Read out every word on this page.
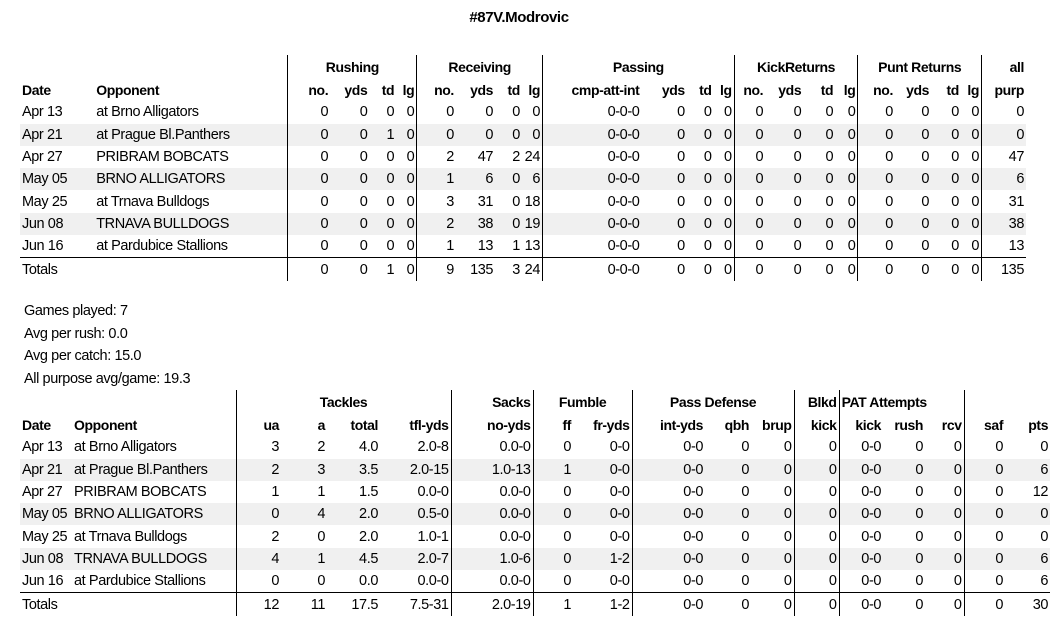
#87V.Modrovic
		Rushing				Receiving				Passing				KickReturns				Punt Returns				all
Date	Opponent	no.	yds	td	lg	no.	yds	td	lg	cmp-att-int	yds	td	lg	no.	yds	td	lg	no.	yds	td	lg	purp
Apr 13	at Brno Alligators	0	0	0	0	0	0	0	0	0-0-0	0	0	0	0	0	0	0	0	0	0	0	0
Apr 21	at Prague Bl.Panthers	0	0	1	0	0	0	0	0	0-0-0	0	0	0	0	0	0	0	0	0	0	0	0
Apr 27	PRIBRAM BOBCATS	0	0	0	0	2	47	2	24	0-0-0	0	0	0	0	0	0	0	0	0	0	0	47
May 05	BRNO ALLIGATORS	0	0	0	0	1	6	0	6	0-0-0	0	0	0	0	0	0	0	0	0	0	0	6
May 25	at Trnava Bulldogs	0	0	0	0	3	31	0	18	0-0-0	0	0	0	0	0	0	0	0	0	0	0	31
Jun 08	TRNAVA BULLDOGS	0	0	0	0	2	38	0	19	0-0-0	0	0	0	0	0	0	0	0	0	0	0	38
Jun 16	at Pardubice Stallions	0	0	0	0	1	13	1	13	0-0-0	0	0	0	0	0	0	0	0	0	0	0	13
Totals		0	0	1	0	9	135	3	24	0-0-0	0	0	0	0	0	0	0	0	0	0	0	135
Games played: 7
Avg per rush: 0.0
Avg per catch: 15.0
All purpose avg/game: 19.3
		Tackles				Sacks	Fumble		Pass Defense			Blkd	PAT Attempts				
Date	Opponent	ua	a	total	tfl-yds	no-yds	ff	fr-yds	int-yds	qbh	brup	kick	kick	rush	rcv	saf	pts
Apr 13	at Brno Alligators	3	2	4.0	2.0-8	0.0-0	0	0-0	0-0	0	0	0	0-0	0	0	0	0
Apr 21	at Prague Bl.Panthers	2	3	3.5	2.0-15	1.0-13	1	0-0	0-0	0	0	0	0-0	0	0	0	6
Apr 27	PRIBRAM BOBCATS	1	1	1.5	0.0-0	0.0-0	0	0-0	0-0	0	0	0	0-0	0	0	0	12
May 05	BRNO ALLIGATORS	0	4	2.0	0.5-0	0.0-0	0	0-0	0-0	0	0	0	0-0	0	0	0	0
May 25	at Trnava Bulldogs	2	0	2.0	1.0-1	0.0-0	0	0-0	0-0	0	0	0	0-0	0	0	0	0
Jun 08	TRNAVA BULLDOGS	4	1	4.5	2.0-7	1.0-6	0	1-2	0-0	0	0	0	0-0	0	0	0	6
Jun 16	at Pardubice Stallions	0	0	0.0	0.0-0	0.0-0	0	0-0	0-0	0	0	0	0-0	0	0	0	6
Totals		12	11	17.5	7.5-31	2.0-19	1	1-2	0-0	0	0	0	0-0	0	0	0	30
